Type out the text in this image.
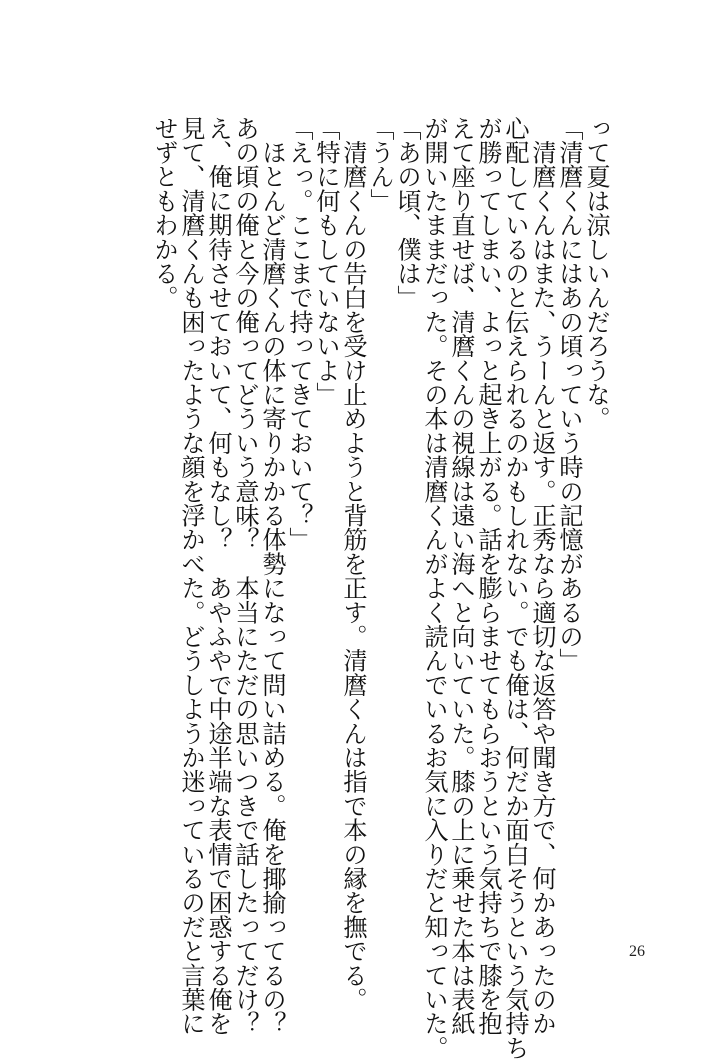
って夏は涼しいんだろうな。
「清麿くんにはあの頃っていう時の記憶があるの」
　清麿くんはまた、うーんと返す。正秀なら適切な返答や聞き方で、何かあったのか
心配しているのと伝えられるのかもしれない。でも俺は、何だか面白そうという気持ち
が勝ってしまい、よっと起き上がる。話を膨らませてもらおうという気持ちで膝を抱
えて座り直せば、清麿くんの視線は遠い海へと向いていた。膝の上に乗せた本は表紙
が開いたままだった。その本は清麿くんがよく読んでいるお気に入りだと知っていた。
「あの頃、僕は」
「うん」
　清麿くんの告白を受け止めようと背筋を正す。清麿くんは指で本の縁を撫でる。
「特に何もしていないよ」
「えっ。ここまで持ってきておいて？」
　ほとんど清麿くんの体に寄りかかる体勢になって問い詰める。俺を揶揄ってるの？
あの頃の俺と今の俺ってどういう意味？　本当にただの思いつきで話したってだけ？
え、俺に期待させておいて、何もなし？　あやふやで中途半端な表情で困惑する俺を
見て、清麿くんも困ったような顔を浮かべた。どうしようか迷っているのだと言葉に
せずともわかる。
26
